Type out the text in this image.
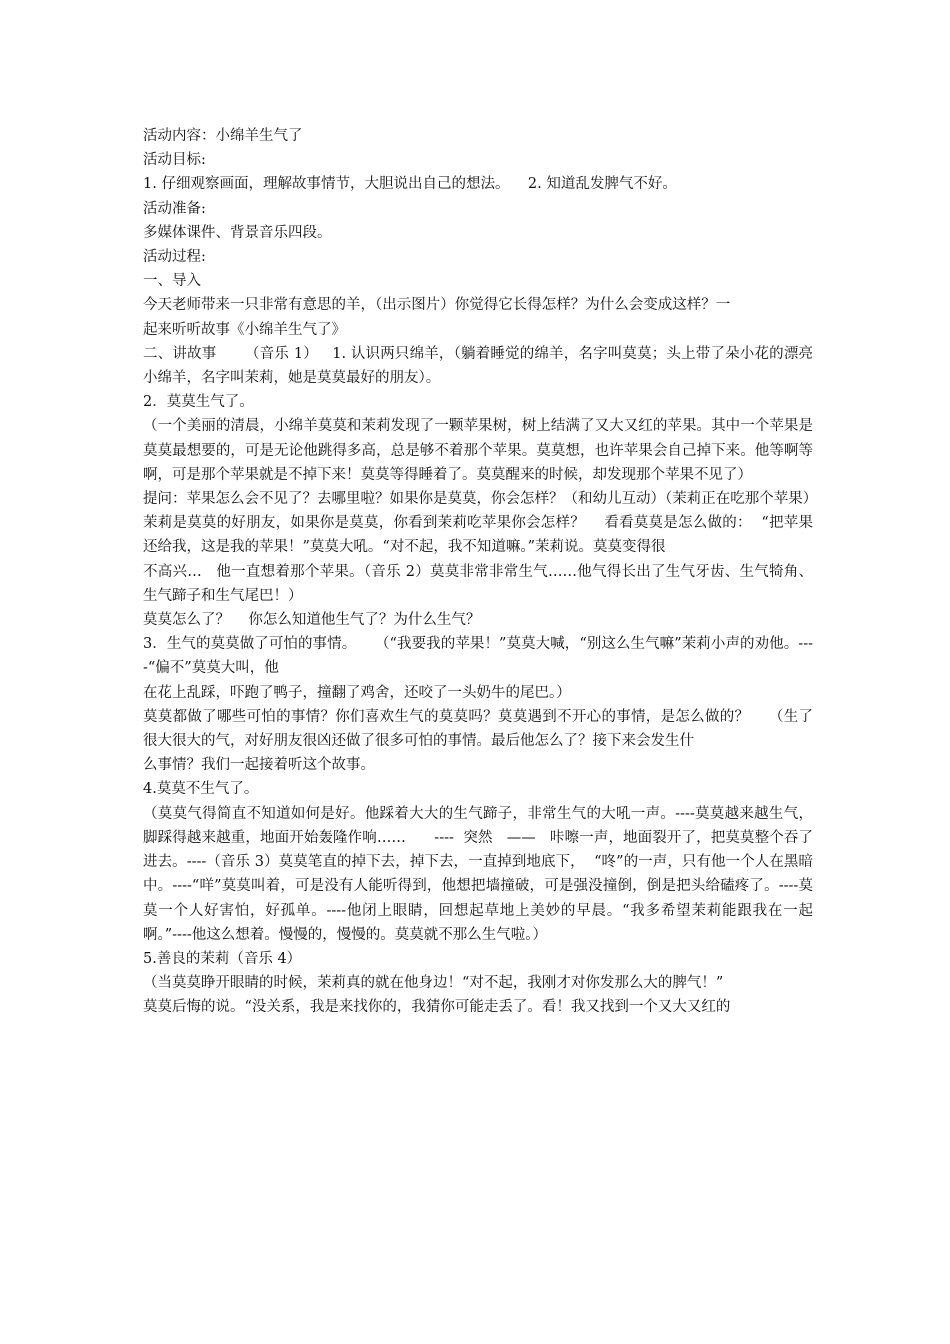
活动内容：小绵羊生气了

活动目标:

1. 仔细观察画面，理解故事情节，大胆说出自己的想法。    2. 知道乱发脾气不好。

活动准备:

多媒体课件、背景音乐四段。

活动过程:

一、导入

今天老师带来一只非常有意思的羊，（出示图片）你觉得它长得怎样？为什么会变成这样？一

起来听听故事《小绵羊生气了》

二、讲故事      （音乐 1）   1. 认识两只绵羊，（躺着睡觉的绵羊，名字叫莫莫；头上带了朵小花的漂亮小绵羊，名字叫茉莉，她是莫莫最好的朋友）。

2．莫莫生气了。

（一个美丽的清晨，小绵羊莫莫和茉莉发现了一颗苹果树，树上结满了又大又红的苹果。其中一个苹果是莫莫最想要的，可是无论他跳得多高，总是够不着那个苹果。莫莫想，也许苹果会自己掉下来。他等啊等啊，可是那个苹果就是不掉下来！莫莫等得睡着了。莫莫醒来的时候，却发现那个苹果不见了）

提问：苹果怎么会不见了？去哪里啦？如果你是莫莫，你会怎样？（和幼儿互动）（茉莉正在吃那个苹果）

茉莉是莫莫的好朋友，如果你是莫莫，你看到茉莉吃苹果你会怎样？    看看莫莫是怎么做的：  “把苹果还给我，这是我的苹果！”莫莫大吼。“对不起，我不知道嘛。”茉莉说。莫莫变得很

不高兴…   他一直想着那个苹果。（音乐 2）莫莫非常非常生气……他气得长出了生气牙齿、生气犄角、生气蹄子和生气尾巴！）

莫莫怎么了？    你怎么知道他生气了？为什么生气？

3．生气的莫莫做了可怕的事情。    （“我要我的苹果！”莫莫大喊，“别这么生气嘛”茉莉小声的劝他。----“偏不”莫莫大叫，他

在花上乱踩，吓跑了鸭子，撞翻了鸡舍，还咬了一头奶牛的尾巴。）

莫莫都做了哪些可怕的事情？你们喜欢生气的莫莫吗？莫莫遇到不开心的事情，是怎么做的？    （生了很大很大的气，对好朋友很凶还做了很多可怕的事情。最后他怎么了？接下来会发生什

么事情？我们一起接着听这个故事。

4.莫莫不生气了。

（莫莫气得简直不知道如何是好。他踩着大大的生气蹄子，非常生气的大吼一声。----莫莫越来越生气，脚踩得越来越重，地面开始轰隆作响……      ----  突然   ——   咔嚓一声，地面裂开了，把莫莫整个吞了进去。----（音乐 3）莫莫笔直的掉下去，掉下去，一直掉到地底下，  “咚”的一声，只有他一个人在黑暗中。----“咩”莫莫叫着，可是没有人能听得到，他想把墙撞破，可是强没撞倒，倒是把头给磕疼了。----莫莫一个人好害怕，好孤单。----他闭上眼睛，回想起草地上美妙的早晨。“我多希望茉莉能跟我在一起啊。”----他这么想着。慢慢的，慢慢的。莫莫就不那么生气啦。）

5.善良的茉莉（音乐 4）

（当莫莫睁开眼睛的时候，茉莉真的就在他身边！“对不起，我刚才对你发那么大的脾气！”

莫莫后悔的说。“没关系，我是来找你的，我猜你可能走丢了。看！我又找到一个又大又红的
